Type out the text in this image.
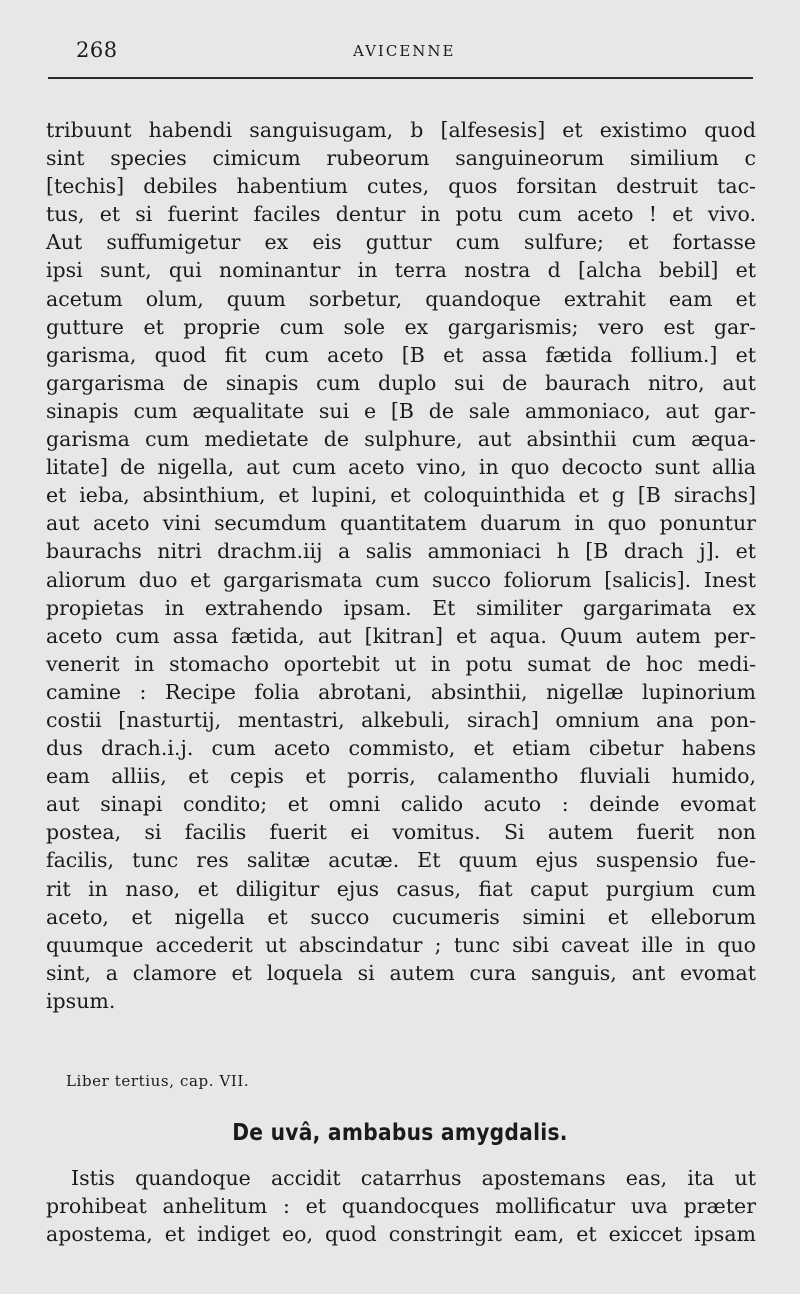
268	AVICENNE
tribuunt habendi sanguisugam, b [alfesesis] et existimo quod
sint species cimicum rubeorum sanguineorum similium c
[techis] debiles habentium cutes, quos forsitan destruit tac-
tus, et si fuerint faciles dentur in potu cum aceto ! et vivo.
Aut suffumigetur ex eis guttur cum sulfure; et fortasse
ipsi sunt, qui nominantur in terra nostra d [alcha bebil] et
acetum olum, quum sorbetur, quandoque extrahit eam et
gutture et proprie cum sole ex gargarismis; vero est gar-
garisma, quod fit cum aceto [B et assa fætida follium.] et
gargarisma de sinapis cum duplo sui de baurach nitro, aut
sinapis cum æqualitate sui e [B de sale ammoniaco, aut gar-
garisma cum medietate de sulphure, aut absinthii cum æqua-
litate] de nigella, aut cum aceto vino, in quo decocto sunt allia
et ieba, absinthium, et lupini, et coloquinthida et g [B sirachs]
aut aceto vini secumdum quantitatem duarum in quo ponuntur
baurachs nitri drachm.iij a salis ammoniaci h [B drach j]. et
aliorum duo et gargarismata cum succo foliorum [salicis]. Inest
propietas in extrahendo ipsam. Et similiter gargarimata ex
aceto cum assa fætida, aut [kitran] et aqua. Quum autem per-
venerit in stomacho oportebit ut in potu sumat de hoc medi-
camine : Recipe folia abrotani, absinthii, nigellæ lupinorium
costii [nasturtij, mentastri, alkebuli, sirach] omnium ana pon-
dus drach.i.j. cum aceto commisto, et etiam cibetur habens
eam alliis, et cepis et porris, calamentho fluviali humido,
aut sinapi condito; et omni calido acuto : deinde evomat
postea, si facilis fuerit ei vomitus. Si autem fuerit non
facilis, tunc res salitæ acutæ. Et quum ejus suspensio fue-
rit in naso, et diligitur ejus casus, fiat caput purgium cum
aceto, et nigella et succo cucumeris simini et elleborum
quumque accederit ut abscindatur ; tunc sibi caveat ille in quo
sint, a clamore et loquela si autem cura sanguis, ant evomat
ipsum.
Liber tertius, cap. VII.
De uvâ, ambabus amygdalis.
Istis quandoque accidit catarrhus apostemans eas, ita ut
prohibeat anhelitum : et quandocques mollificatur uva præter
apostema, et indiget eo, quod constringit eam, et exiccet ipsam
